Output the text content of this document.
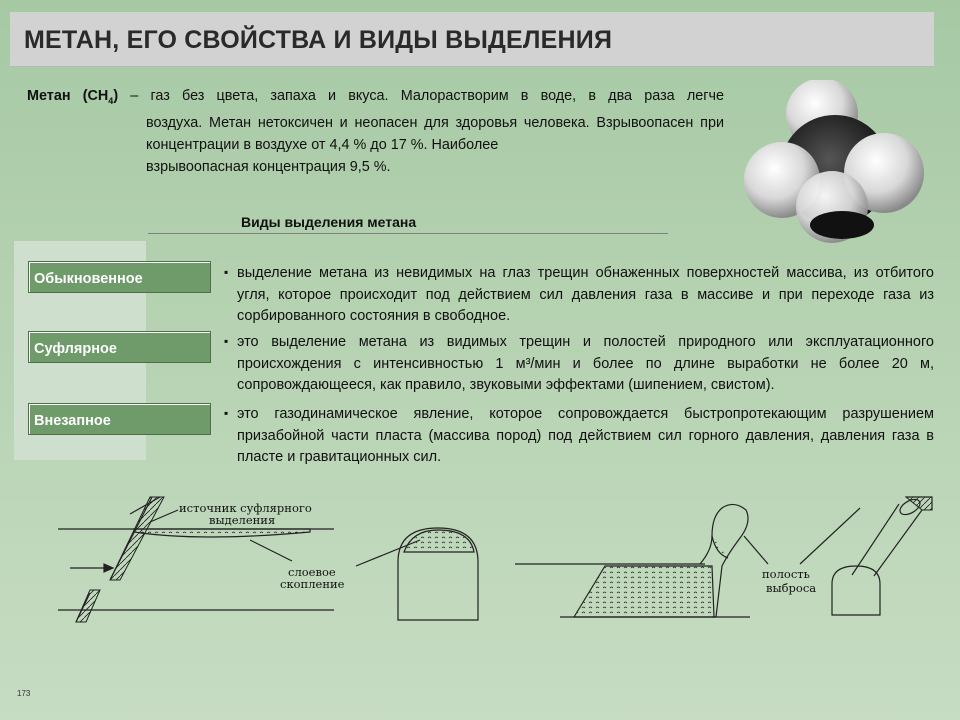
МЕТАН, ЕГО СВОЙСТВА И ВИДЫ ВЫДЕЛЕНИЯ
Метан $(CH_4)$ – газ без цвета, запаха и вкуса. Малорастворим в воде, в два раза легче
воздуха. Метан нетоксичен и неопасен для здоровья человека. Взрывоопасен при концентрации в воздухе от 4,4 % до 17 %. Наиболее
взрывоопасная концентрация 9,5 %.
Виды выделения метана
Обыкновенное	▪ выделение метана из невидимых на глаз трещин обнаженных поверхностей массива, из отбитого угля, которое происходит под действием сил давления газа в массиве и при переходе газа из сорбированного состояния в свободное.
Суфлярное	▪ это выделение метана из видимых трещин и полостей природного или эксплуатационного происхождения с интенсивностью 1 м³/мин и более по длине выработки не более 20 м, сопровождающееся, как правило, звуковыми эффектами (шипением, свистом).
Внезапное	▪ это газодинамическое явление, которое сопровождается быстропротекающим разрушением призабойной части пласта (массива пород) под действием сил горного давления, давления газа в пласте и гравитационных сил.
источник суфлярного
выделения
слоевое
скопление
полость
выброса
173
